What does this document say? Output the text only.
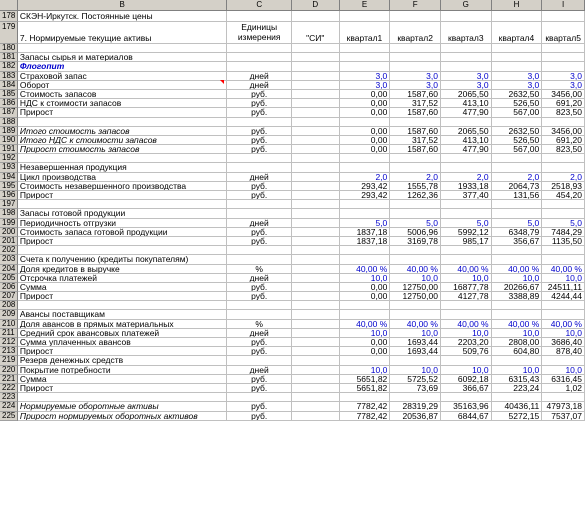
B	C	D	E	F	G	H	I
178 СКЭН-Иркутск. Постоянные цены
179
7. Нормируемые текущие активы
Единицы измерения	"СИ"	квартал1	квартал2	квартал3	квартал4	квартал5
180
181 Запасы сырья и материалов
182 Флогопит
183 Страховой запас	дней	3,0	3,0	3,0	3,0	3,0
184 Оборот	дней	3,0	3,0	3,0	3,0	3,0
185 Стоимость запасов	руб.	0,00	1587,60	2065,50	2632,50	3456,00
186 НДС к стоимости запасов	руб.	0,00	317,52	413,10	526,50	691,20
187 Прирост	руб.	0,00	1587,60	477,90	567,00	823,50
188
189 Итого стоимость запасов	руб.	0,00	1587,60	2065,50	2632,50	3456,00
190 Итого НДС к стоимости запасов	руб.	0,00	317,52	413,10	526,50	691,20
191 Прирост стоимость запасов	руб.	0,00	1587,60	477,90	567,00	823,50
192
193 Незавершенная продукция
194 Цикл производства	дней	2,0	2,0	2,0	2,0	2,0
195 Стоимость незавершенного производства	руб.	293,42	1555,78	1933,18	2064,73	2518,93
196 Прирост	руб.	293,42	1262,36	377,40	131,56	454,20
197
198 Запасы готовой продукции
199 Периодичность отгрузки	дней	5,0	5,0	5,0	5,0	5,0
200 Стоимость запаса готовой продукции	руб.	1837,18	5006,96	5992,12	6348,79	7484,29
201 Прирост	руб.	1837,18	3169,78	985,17	356,67	1135,50
202
203 Счета к получению (кредиты покупателям)
204 Доля кредитов в выручке	%	40,00 %	40,00 %	40,00 %	40,00 %	40,00 %
205 Отсрочка платежей	дней	10,0	10,0	10,0	10,0	10,0
206 Сумма	руб.	0,00	12750,00	16877,78	20266,67	24511,11
207 Прирост	руб.	0,00	12750,00	4127,78	3388,89	4244,44
208
209 Авансы поставщикам
210 Доля авансов в прямых материальных	%	40,00 %	40,00 %	40,00 %	40,00 %	40,00 %
211 Средний срок авансовых платежей	дней	10,0	10,0	10,0	10,0	10,0
212 Сумма уплаченных авансов	руб.	0,00	1693,44	2203,20	2808,00	3686,40
213 Прирост	руб.	0,00	1693,44	509,76	604,80	878,40
219 Резерв денежных средств
220 Покрытие потребности	дней	10,0	10,0	10,0	10,0	10,0
221 Сумма	руб.	5651,82	5725,52	6092,18	6315,43	6316,45
222 Прирост	руб.	5651,82	73,69	366,67	223,24	1,02
223
224 Нормируемые оборотные активы	руб.	7782,42	28319,29	35163,96	40436,11 47973,18
225 Прирост нормируемых оборотных активов	руб.	7782,42	20536,87	6844,67	5272,15	7537,07
